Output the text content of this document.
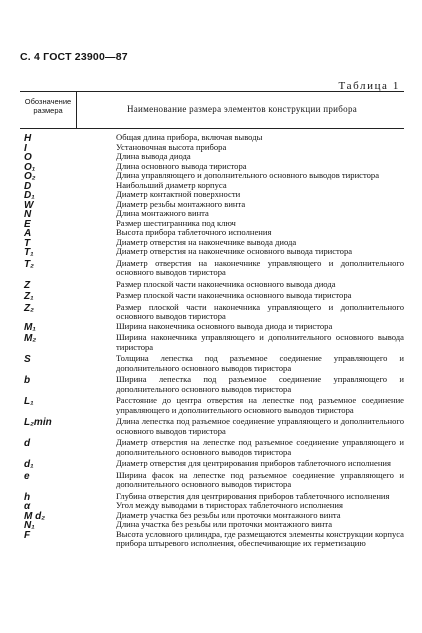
С. 4 ГОСТ 23900—87
Таблица 1
Обозначение размера	Наименование размера элементов конструкции прибора
H	Общая длина прибора, включая выводы
I	Установочная высота прибора
O	Длина вывода диода
O₁	Длина основного вывода тиристора
O₂	Длина управляющего и дополнительного основного выводов тиристора
D	Наибольший диаметр корпуса
D₁	Диаметр контактной поверхности
W	Диаметр резьбы монтажного винта
N	Длина монтажного винта
E	Размер шестигранника под ключ
A	Высота прибора таблеточного исполнения
T	Диаметр отверстия на наконечнике вывода диода
T₁	Диаметр отверстия на наконечнике основного вывода тиристора
T₂	Диаметр отверстия на наконечнике управляющего и дополнительного основного выводов тиристора
Z	Размер плоской части наконечника основного вывода диода
Z₁	Размер плоской части наконечника основного вывода тиристора
Z₂	Размер плоской части наконечника управляющего и дополнительного основного выводов тиристора
M₁	Ширина наконечника основного вывода диода и тиристора
M₂	Ширина наконечника управляющего и дополнительного основного вывода тиристора
S	Толщина лепестка под разъемное соединение управляющего и дополнительного основного выводов тиристора
b	Ширина лепестка под разъемное соединение управляющего и дополнительного основного выводов тиристора
L₁	Расстояние до центра отверстия на лепестке под разъемное соединение управляющего и дополнительного основного выводов тиристора
L₂min	Длина лепестка под разъемное соединение управляющего и дополнительного основного выводов тиристора
d	Диаметр отверстия на лепестке под разъемное соединение управляющего и дополнительного основного выводов тиристора
d₁	Диаметр отверстия для центрирования приборов таблеточного исполнения
e	Ширина фасок на лепестке под разъемное соединение управляющего и дополнительного основного выводов тиристора
h	Глубина отверстия для центрирования приборов таблеточного исполнения
α	Угол между выводами в тиристорах таблеточного исполнения
M d₂	Диаметр участка без резьбы или проточки монтажного винта
N₁	Длина участка без резьбы или проточки монтажного винта
F	Высота условного цилиндра, где размещаются элементы конструкции корпуса прибора штыревого исполнения, обеспечивающие их герметизацию
